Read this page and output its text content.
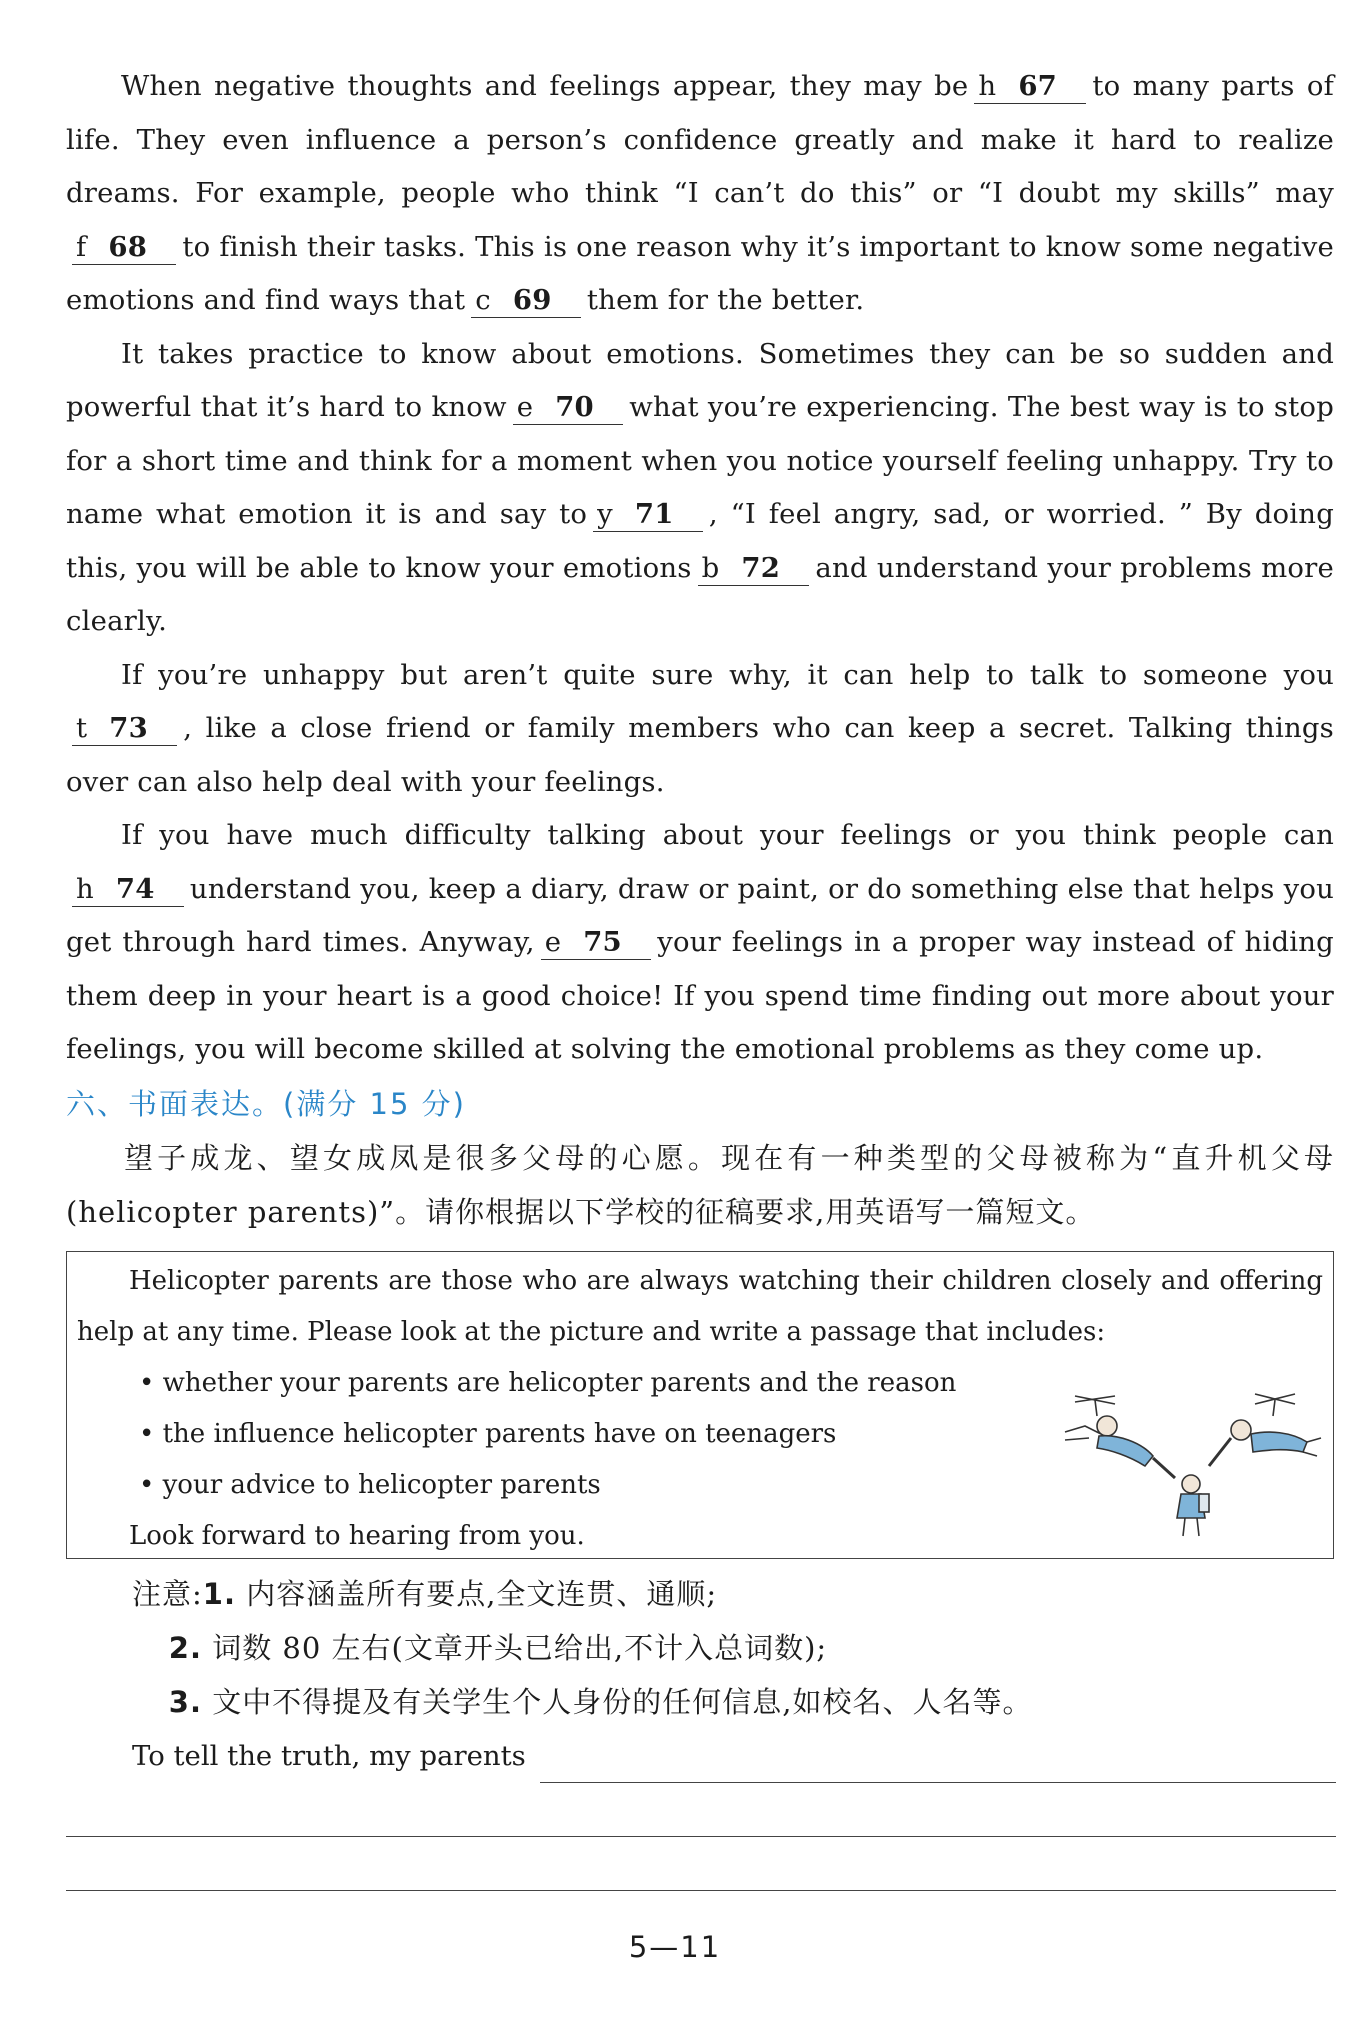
When negative thoughts and feelings appear, they may be h 67 to many parts of life. They even influence a person’s confidence greatly and make it hard to realize dreams. For example, people who think “I can’t do this” or “I doubt my skills” mayf 68 to finish their tasks. This is one reason why it’s important to know some negative emotions and find ways that c 69 them for the better.

It takes practice to know about emotions. Sometimes they can be so sudden and powerful that it’s hard to know e 70 what you’re experiencing. The best way is to stop for a short time and think for a moment when you notice yourself feeling unhappy. Try to name what emotion it is and say to y 71 , “I feel angry, sad, or worried. ” By doing this, you will be able to know your emotions b 72 and understand your problems more clearly.

If you’re unhappy but aren’t quite sure why, it can help to talk to someone yout 73 , like a close friend or family members who can keep a secret. Talking things over can also help deal with your feelings.

If you have much difficulty talking about your feelings or you think people canh 74 understand you, keep a diary, draw or paint, or do something else that helps you get through hard times. Anyway, e 75 your feelings in a proper way instead of hiding them deep in your heart is a good choice! If you spend time finding out more about your feelings, you will become skilled at solving the emotional problems as they come up.

六、书面表达。(满分 15 分)

望子成龙、望女成凤是很多父母的心愿。现在有一种类型的父母被称为“直升机父母(helicopter parents)”。请你根据以下学校的征稿要求,用英语写一篇短文。

Helicopter parents are those who are always watching their children closely and offering help at any time. Please look at the picture and write a passage that includes:

• whether your parents are helicopter parents and the reason
• the influence helicopter parents have on teenagers
• your advice to helicopter parents

Look forward to hearing from you.

注意:1. 内容涵盖所有要点,全文连贯、通顺;

2. 词数 80 左右(文章开头已给出,不计入总词数);

3. 文中不得提及有关学生个人身份的任何信息,如校名、人名等。

To tell the truth, my parents

5—11
